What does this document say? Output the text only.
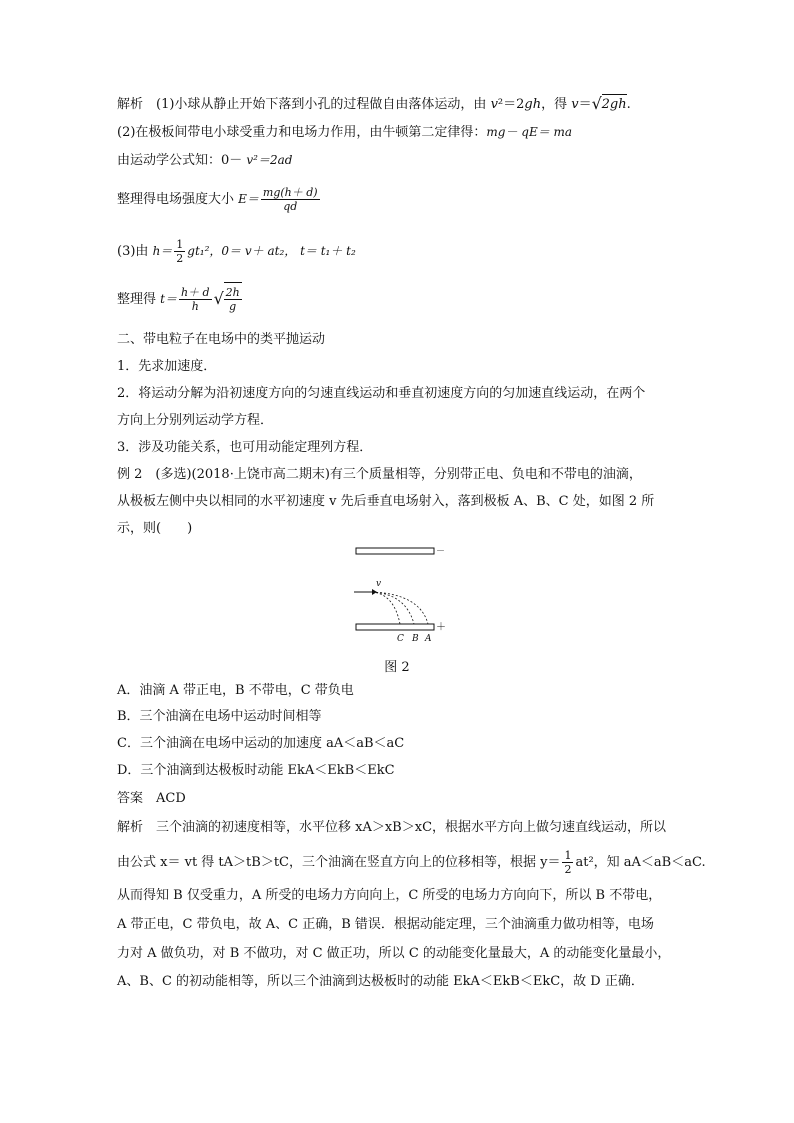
解析　(1)小球从静止开始下落到小孔的过程做自由落体运动，由 v²＝2gh，得 v＝ √ 2gh.
(2)在极板间带电小球受重力和电场力作用，由牛顿第二定律得：mg－ qE＝ ma
由运动学公式知：0－ v²＝2ad
整理得电场强度大小 $E= \frac{mg(h+ d)}{qd}$
(3)由 $h= \frac{1}{2} gt_1^2$，0＝ v＋ at₂， t＝ t₁＋ t₂
整理得 $t= \frac{h+ d}{h}$ √ $\frac{2h}{g}$
二、带电粒子在电场中的类平抛运动
1．先求加速度．
2．将运动分解为沿初速度方向的匀速直线运动和垂直初速度方向的匀加速直线运动，在两个
方向上分别列运动学方程．
3．涉及功能关系，也可用动能定理列方程．
例 2　(多选)(2018·上饶市高二期末)有三个质量相等，分别带正电、负电和不带电的油滴，
从极板左侧中央以相同的水平初速度 v 先后垂直电场射入，落到极板 A、B、C 处，如图 2 所
示，则(　　)
－
＋
v
C B A
图 2
A．油滴 A 带正电，B 不带电，C 带负电
B．三个油滴在电场中运动时间相等
C．三个油滴在电场中运动的加速度 aA＜aB＜aC
D．三个油滴到达极板时动能 EkA＜EkB＜EkC
答案　ACD
解析　三个油滴的初速度相等，水平位移 xA＞xB＞xC，根据水平方向上做匀速直线运动，所以
由公式 x＝ vt 得 tA＞tB＞tC，三个油滴在竖直方向上的位移相等，根据 $y= \frac{1}{2} at^2$，知 aA＜aB＜aC.
从而得知 B 仅受重力，A 所受的电场力方向向上，C 所受的电场力方向向下，所以 B 不带电，
A 带正电，C 带负电，故 A、C 正确，B 错误．根据动能定理，三个油滴重力做功相等，电场
力对 A 做负功，对 B 不做功，对 C 做正功，所以 C 的动能变化量最大，A 的动能变化量最小，
A、B、C 的初动能相等，所以三个油滴到达极板时的动能 EkA＜EkB＜EkC，故 D 正确．
